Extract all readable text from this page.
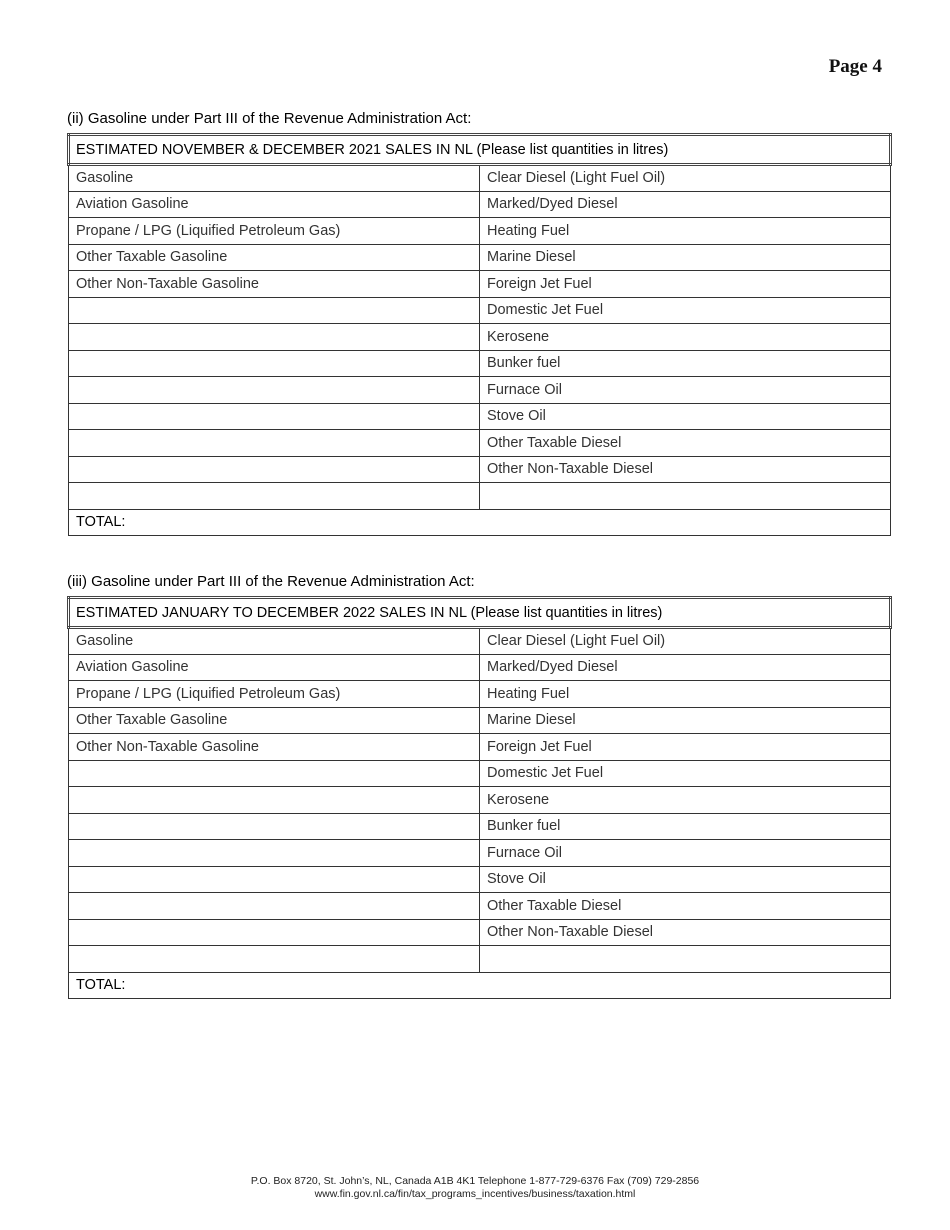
Page 4
(ii) Gasoline under Part III of the Revenue Administration Act:
ESTIMATED NOVEMBER & DECEMBER 2021 SALES IN NL (Please list quantities in litres)	
Gasoline	Clear Diesel (Light Fuel Oil)
Aviation Gasoline	Marked/Dyed Diesel
Propane / LPG (Liquified Petroleum Gas)	Heating Fuel
Other Taxable Gasoline	Marine Diesel
Other Non-Taxable Gasoline	Foreign Jet Fuel
	Domestic Jet Fuel
	Kerosene
	Bunker fuel
	Furnace Oil
	Stove Oil
	Other Taxable Diesel
	Other Non-Taxable Diesel

TOTAL:	
(iii) Gasoline under Part III of the Revenue Administration Act:
ESTIMATED JANUARY TO DECEMBER 2022 SALES IN NL (Please list quantities in litres)	
Gasoline	Clear Diesel (Light Fuel Oil)
Aviation Gasoline	Marked/Dyed Diesel
Propane / LPG (Liquified Petroleum Gas)	Heating Fuel
Other Taxable Gasoline	Marine Diesel
Other Non-Taxable Gasoline	Foreign Jet Fuel
	Domestic Jet Fuel
	Kerosene
	Bunker fuel
	Furnace Oil
	Stove Oil
	Other Taxable Diesel
	Other Non-Taxable Diesel

TOTAL:	
P.O. Box 8720, St. John’s, NL, Canada A1B 4K1 Telephone 1-877-729-6376 Fax (709) 729-2856
www.fin.gov.nl.ca/fin/tax_programs_incentives/business/taxation.html
